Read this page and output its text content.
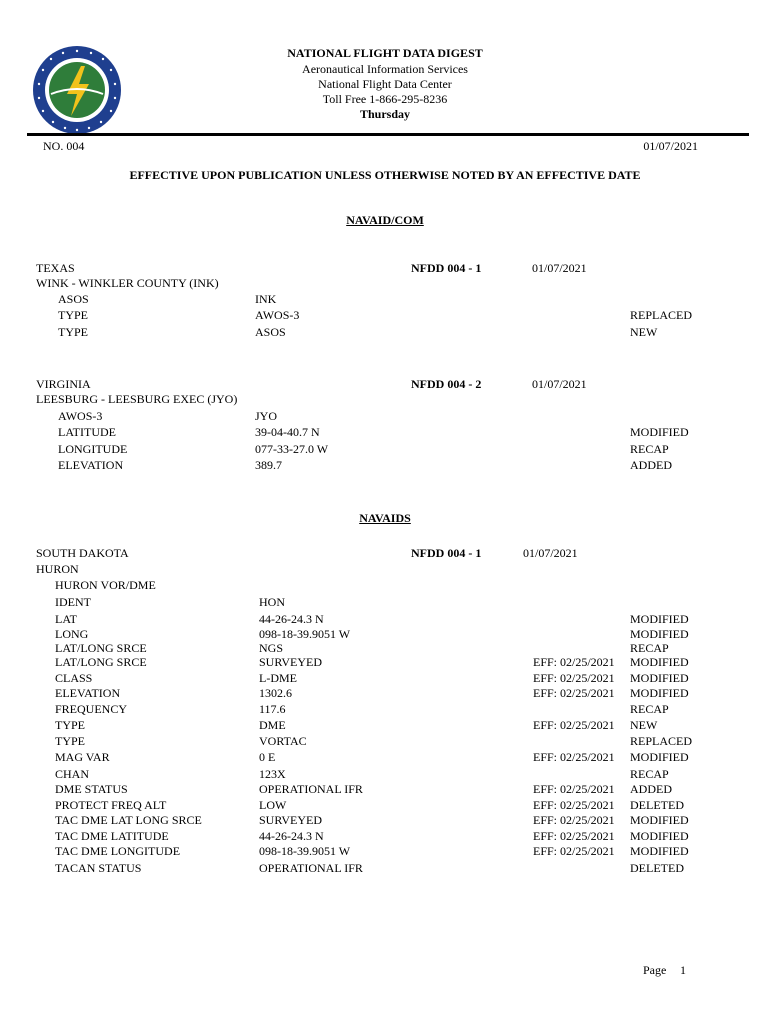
NATIONAL FLIGHT DATA DIGEST
Aeronautical Information Services
National Flight Data Center
Toll Free 1-866-295-8236
Thursday
NO. 004	01/07/2021
EFFECTIVE UPON PUBLICATION UNLESS OTHERWISE NOTED BY AN EFFECTIVE DATE
NAVAID/COM
TEXAS	NFDD 004 - 1	01/07/2021
WINK - WINKLER COUNTY (INK)
ASOS	INK
TYPE	AWOS-3	REPLACED
TYPE	ASOS	NEW
VIRGINIA	NFDD 004 - 2	01/07/2021
LEESBURG - LEESBURG EXEC (JYO)
AWOS-3	JYO
LATITUDE	39-04-40.7 N	MODIFIED
LONGITUDE	077-33-27.0 W	RECAP
ELEVATION	389.7	ADDED
NAVAIDS
SOUTH DAKOTA	NFDD 004 - 1	01/07/2021
HURON
HURON VOR/DME
IDENT	HON
LAT	44-26-24.3 N	MODIFIED
LONG	098-18-39.9051 W	MODIFIED
LAT/LONG SRCE	NGS	RECAP
LAT/LONG SRCE	SURVEYED	EFF: 02/25/2021 MODIFIED
CLASS	L-DME	EFF: 02/25/2021 MODIFIED
ELEVATION	1302.6	EFF: 02/25/2021 MODIFIED
FREQUENCY	117.6	RECAP
TYPE	DME	EFF: 02/25/2021 NEW
TYPE	VORTAC	REPLACED
MAG VAR	0 E	EFF: 02/25/2021 MODIFIED
CHAN	123X	RECAP
DME STATUS	OPERATIONAL IFR	EFF: 02/25/2021 ADDED
PROTECT FREQ ALT	LOW	EFF: 02/25/2021 DELETED
TAC DME LAT LONG SRCE	SURVEYED	EFF: 02/25/2021 MODIFIED
TAC DME LATITUDE	44-26-24.3 N	EFF: 02/25/2021 MODIFIED
TAC DME LONGITUDE	098-18-39.9051 W	EFF: 02/25/2021 MODIFIED
TACAN STATUS	OPERATIONAL IFR	DELETED
Page 1
